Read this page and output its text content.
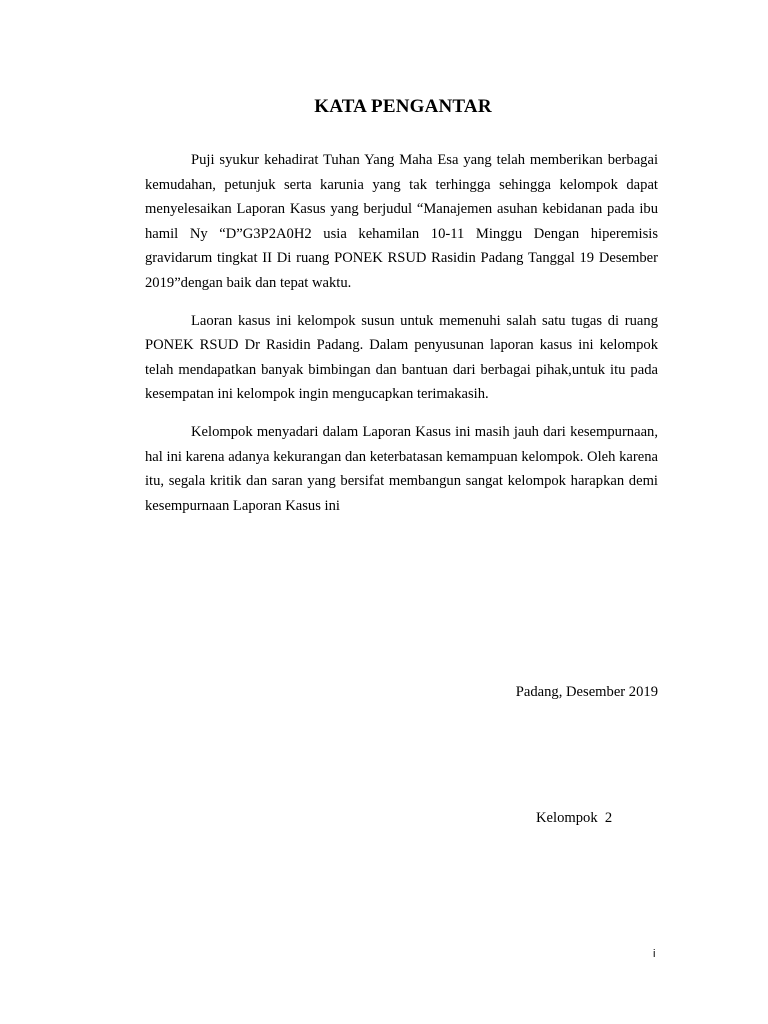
KATA PENGANTAR

Puji syukur kehadirat Tuhan Yang Maha Esa yang telah memberikan berbagai kemudahan, petunjuk serta karunia yang tak terhingga sehingga kelompok dapat menyelesaikan Laporan Kasus yang berjudul “Manajemen asuhan kebidanan pada ibu hamil Ny “D”G3P2A0H2 usia kehamilan 10-11 Minggu Dengan hiperemisis gravidarum tingkat II Di ruang PONEK RSUD Rasidin Padang Tanggal 19 Desember 2019”dengan baik dan tepat waktu.

Laoran kasus ini kelompok susun untuk memenuhi salah satu tugas di ruang PONEK RSUD Dr Rasidin Padang. Dalam penyusunan laporan kasus ini kelompok telah mendapatkan banyak bimbingan dan bantuan dari berbagai pihak,untuk itu pada kesempatan ini kelompok ingin mengucapkan terimakasih.

Kelompok menyadari dalam Laporan Kasus ini masih jauh dari kesempurnaan, hal ini karena adanya kekurangan dan keterbatasan kemampuan kelompok. Oleh karena itu, segala kritik dan saran yang bersifat membangun sangat kelompok harapkan demi kesempurnaan Laporan Kasus ini

Padang, Desember 2019
Kelompok  2
i
